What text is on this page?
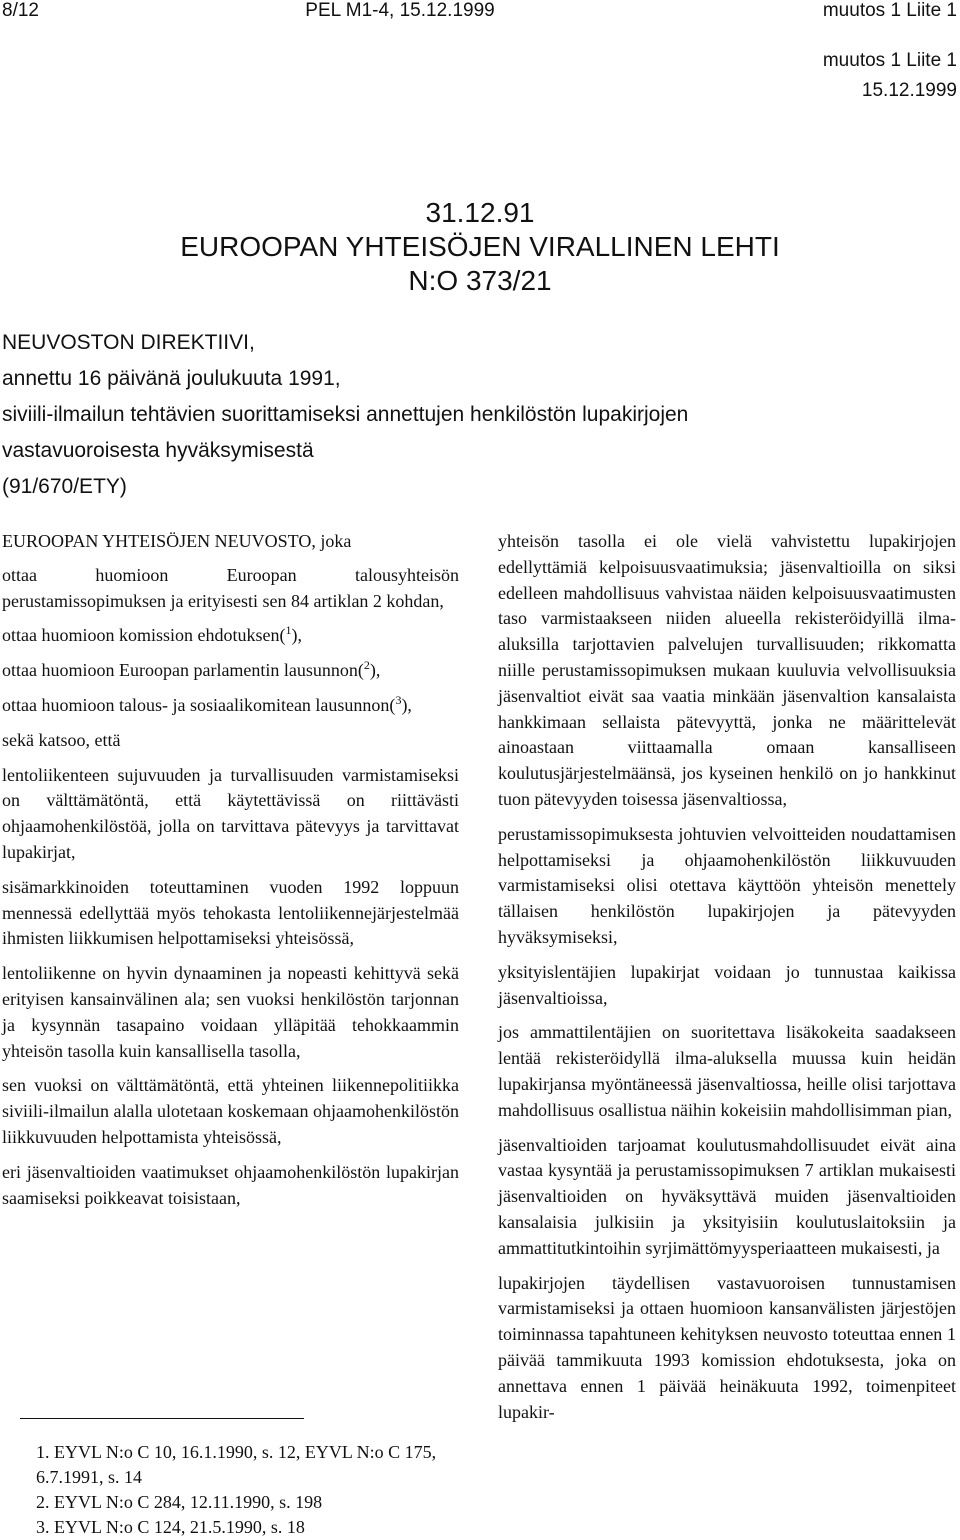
8/12	PEL M1-4, 15.12.1999	muutos 1 Liite 1
muutos 1 Liite 1
15.12.1999
31.12.91
EUROOPAN YHTEISÖJEN VIRALLINEN LEHTI
N:O 373/21
NEUVOSTON DIREKTIIVI,
annettu 16 päivänä joulukuuta 1991,
siviili-ilmailun tehtävien suorittamiseksi annettujen henkilöstön lupakirjojen
vastavuoroisesta hyväksymisestä
(91/670/ETY)

EUROOPAN YHTEISÖJEN NEUVOSTO, joka

ottaa huomioon Euroopan talousyhteisön perustamissopimuksen ja erityisesti sen 84 artiklan 2 kohdan,

ottaa huomioon komission ehdotuksen($^1$),

ottaa huomioon Euroopan parlamentin lausunnon($^2$),

ottaa huomioon talous- ja sosiaalikomitean lausunnon($^3$),

sekä katsoo, että

lentoliikenteen sujuvuuden ja turvallisuuden varmistamiseksi on välttämätöntä, että käytettävissä on riittävästi ohjaamohenkilöstöä, jolla on tarvittava pätevyys ja tarvittavat lupakirjat,

sisämarkkinoiden toteuttaminen vuoden 1992 loppuun mennessä edellyttää myös tehokasta lentoliikennejärjestelmää ihmisten liikkumisen helpottamiseksi yhteisössä,

lentoliikenne on hyvin dynaaminen ja nopeasti kehittyvä sekä erityisen kansainvälinen ala; sen vuoksi henkilöstön tarjonnan ja kysynnän tasapaino voidaan ylläpitää tehokkaammin yhteisön tasolla kuin kansallisella tasolla,

sen vuoksi on välttämätöntä, että yhteinen liikennepolitiikka siviili-ilmailun alalla ulotetaan koskemaan ohjaamohenkilöstön liikkuvuuden helpottamista yhteisössä,

eri jäsenvaltioiden vaatimukset ohjaamohenkilöstön lupakirjan saamiseksi poikkeavat toisistaan,

1. EYVL N:o C 10, 16.1.1990, s. 12, EYVL N:o C 175, 6.7.1991, s. 14
2. EYVL N:o C 284, 12.11.1990, s. 198
3. EYVL N:o C 124, 21.5.1990, s. 18

yhteisön tasolla ei ole vielä vahvistettu lupakirjojen edellyttämiä kelpoisuusvaatimuksia; jäsenvaltioilla on siksi edelleen mahdollisuus vahvistaa näiden kelpoisuusvaatimusten taso varmistaakseen niiden alueella rekisteröidyillä ilma-aluksilla tarjottavien palvelujen turvallisuuden; rikkomatta niille perustamissopimuksen mukaan kuuluvia velvollisuuksia jäsenvaltiot eivät saa vaatia minkään jäsenvaltion kansalaista hankkimaan sellaista pätevyyttä, jonka ne määrittelevät ainoastaan viittaamalla omaan kansalliseen koulutusjärjestelmäänsä, jos kyseinen henkilö on jo hankkinut tuon pätevyyden toisessa jäsenvaltiossa,

perustamissopimuksesta johtuvien velvoitteiden noudattamisen helpottamiseksi ja ohjaamohenkilöstön liikkuvuuden varmistamiseksi olisi otettava käyttöön yhteisön menettely tällaisen henkilöstön lupakirjojen ja pätevyyden hyväksymiseksi,

yksityislentäjien lupakirjat voidaan jo tunnustaa kaikissa jäsenvaltioissa,

jos ammattilentäjien on suoritettava lisäkokeita saadakseen lentää rekisteröidyllä ilma-aluksella muussa kuin heidän lupakirjansa myöntäneessä jäsenvaltiossa, heille olisi tarjottava mahdollisuus osallistua näihin kokeisiin mahdollisimman pian,

jäsenvaltioiden tarjoamat koulutusmahdollisuudet eivät aina vastaa kysyntää ja perustamissopimuksen 7 artiklan mukaisesti jäsenvaltioiden on hyväksyttävä muiden jäsenvaltioiden kansalaisia julkisiin ja yksityisiin koulutuslaitoksiin ja ammattitutkintoihin syrjimättömyysperiaatteen mukaisesti, ja

lupakirjojen täydellisen vastavuoroisen tunnustamisen varmistamiseksi ja ottaen huomioon kansanvälisten järjestöjen toiminnassa tapahtuneen kehityksen neuvosto toteuttaa ennen 1 päivää tammikuuta 1993 komission ehdotuksesta, joka on annettava ennen 1 päivää heinäkuuta 1992, toimenpiteet lupakir-
